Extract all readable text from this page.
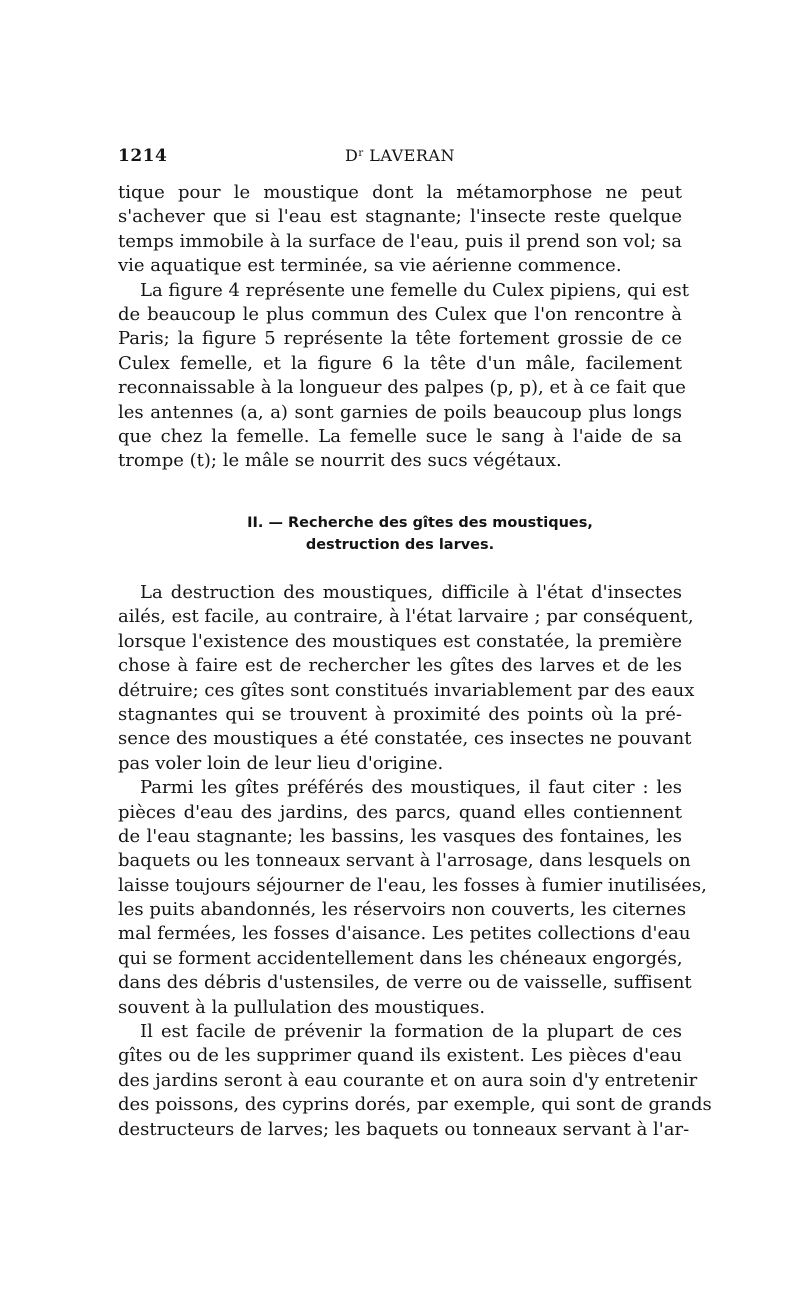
1214	$D^r$ LAVERAN
tique pour le moustique dont la métamorphose ne peut
s'achever que si l'eau est stagnante; l'insecte reste quelque
temps immobile à la surface de l'eau, puis il prend son vol; sa
vie aquatique est terminée, sa vie aérienne commence.
La figure 4 représente une femelle du Culex pipiens, qui est
de beaucoup le plus commun des Culex que l'on rencontre à
Paris; la figure 5 représente la tête fortement grossie de ce
Culex femelle, et la figure 6 la tête d'un mâle, facilement
reconnaissable à la longueur des palpes (p, p), et à ce fait que
les antennes (a, a) sont garnies de poils beaucoup plus longs
que chez la femelle. La femelle suce le sang à l'aide de sa
trompe (t); le mâle se nourrit des sucs végétaux.
II. — Recherche des gîtes des moustiques,
destruction des larves.
La destruction des moustiques, difficile à l'état d'insectes
ailés, est facile, au contraire, à l'état larvaire ; par conséquent,
lorsque l'existence des moustiques est constatée, la première
chose à faire est de rechercher les gîtes des larves et de les
détruire; ces gîtes sont constitués invariablement par des eaux
stagnantes qui se trouvent à proximité des points où la pré-
sence des moustiques a été constatée, ces insectes ne pouvant
pas voler loin de leur lieu d'origine.
Parmi les gîtes préférés des moustiques, il faut citer : les
pièces d'eau des jardins, des parcs, quand elles contiennent
de l'eau stagnante; les bassins, les vasques des fontaines, les
baquets ou les tonneaux servant à l'arrosage, dans lesquels on
laisse toujours séjourner de l'eau, les fosses à fumier inutilisées,
les puits abandonnés, les réservoirs non couverts, les citernes
mal fermées, les fosses d'aisance. Les petites collections d'eau
qui se forment accidentellement dans les chéneaux engorgés,
dans des débris d'ustensiles, de verre ou de vaisselle, suffisent
souvent à la pullulation des moustiques.
Il est facile de prévenir la formation de la plupart de ces
gîtes ou de les supprimer quand ils existent. Les pièces d'eau
des jardins seront à eau courante et on aura soin d'y entretenir
des poissons, des cyprins dorés, par exemple, qui sont de grands
destructeurs de larves; les baquets ou tonneaux servant à l'ar-
